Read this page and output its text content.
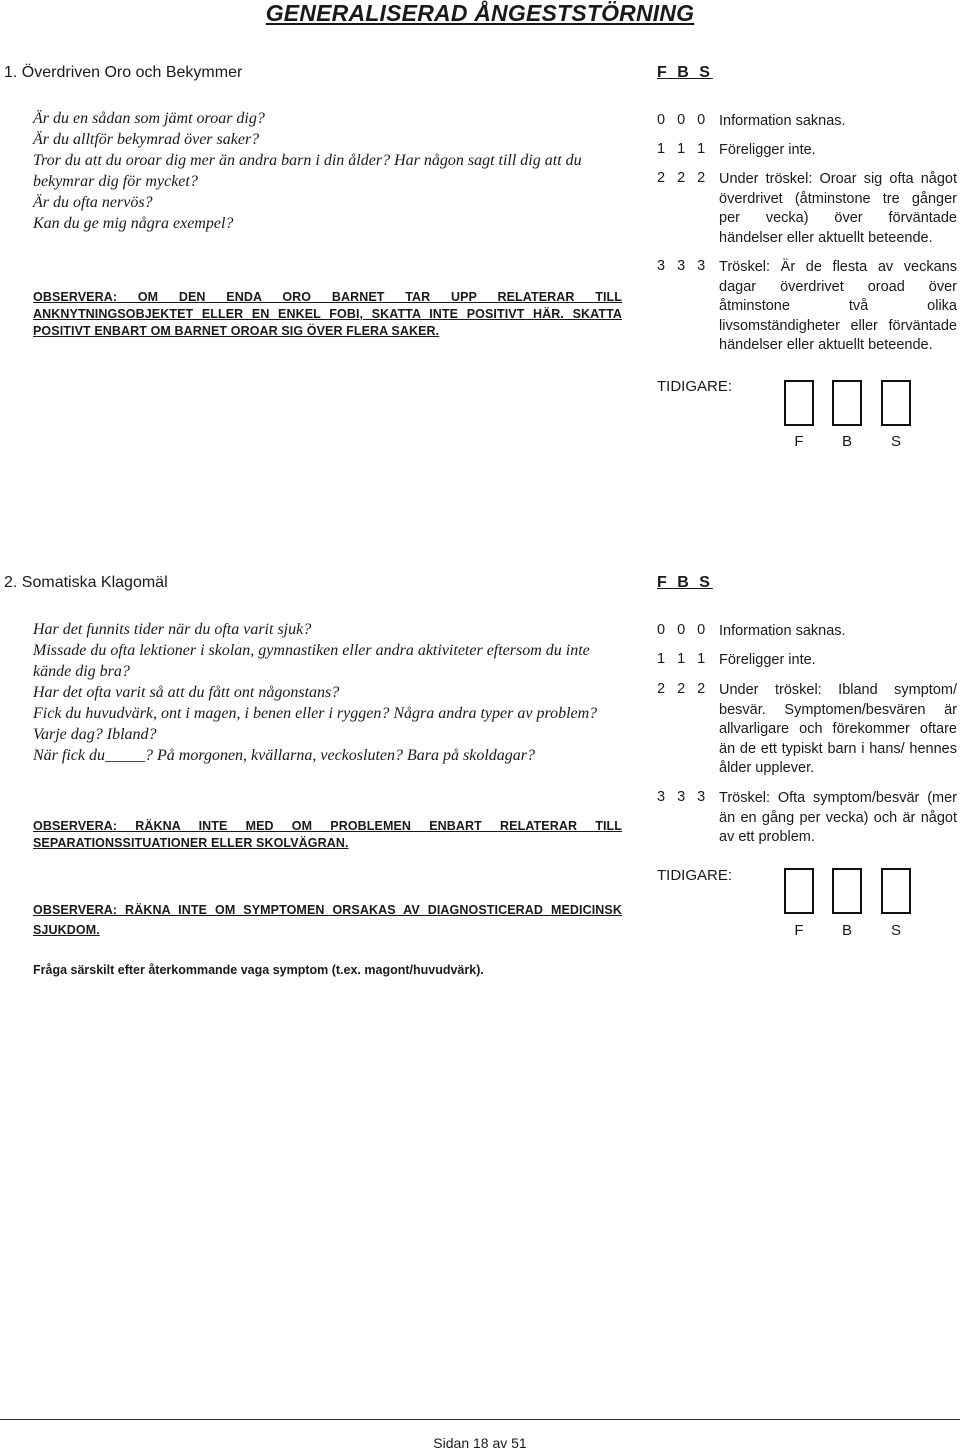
GENERALISERAD ÅNGESTSTÖRNING
1. Överdriven Oro och Bekymmer	F B S

Är du en sådan som jämt oroar dig?

Är du alltför bekymrad över saker?

Tror du att du oroar dig mer än andra barn i din ålder? Har någon sagt till dig att du bekymrar dig för mycket?

Är du ofta nervös?

Kan du ge mig några exempel?

OBSERVERA: OM DEN ENDA ORO BARNET TAR UPP RELATERAR TILL ANKNYTNINGSOBJEKTET ELLER EN ENKEL FOBI, SKATTA INTE POSITIVT HÄR. SKATTA POSITIVT ENBART OM BARNET OROAR SIG ÖVER FLERA SAKER.

0 0 0 Information saknas.

1 1 1 Föreligger inte.

2 2 2 Under tröskel: Oroar sig ofta något överdrivet (åtminstone tre gånger per vecka) över förväntade händelser eller aktuellt beteende.

3 3 3 Tröskel: Är de flesta av veckans dagar överdrivet oroad över åtminstone två olika livsomständigheter eller förväntade händelser eller aktuellt beteende.

TIDIGARE:
F	B	S
2. Somatiska Klagomäl	F B S

Har det funnits tider när du ofta varit sjuk?

Missade du ofta lektioner i skolan, gymnastiken eller andra aktiviteter eftersom du inte kände dig bra?

Har det ofta varit så att du fått ont någonstans?

Fick du huvudvärk, ont i magen, i benen eller i ryggen? Några andra typer av problem? Varje dag? Ibland?

När fick du_____? På morgonen, kvällarna, veckosluten? Bara på skoldagar?

OBSERVERA: RÄKNA INTE MED OM PROBLEMEN ENBART RELATERAR TILL SEPARATIONSSITUATIONER ELLER SKOLVÄGRAN.

OBSERVERA: RÄKNA INTE OM SYMPTOMEN ORSAKAS AV DIAGNOSTICERAD MEDICINSK SJUKDOM.

Fråga särskilt efter återkommande vaga symptom (t.ex. magont/huvudvärk).

0 0 0 Information saknas.

1 1 1 Föreligger inte.

2 2 2 Under tröskel: Ibland symptom/ besvär. Symptomen/besvären är allvarligare och förekommer oftare än de ett typiskt barn i hans/ hennes ålder upplever.

3 3 3 Tröskel: Ofta symptom/besvär (mer än en gång per vecka) och är något av ett problem.

TIDIGARE:
F	B	S
Sidan 18 av 51
